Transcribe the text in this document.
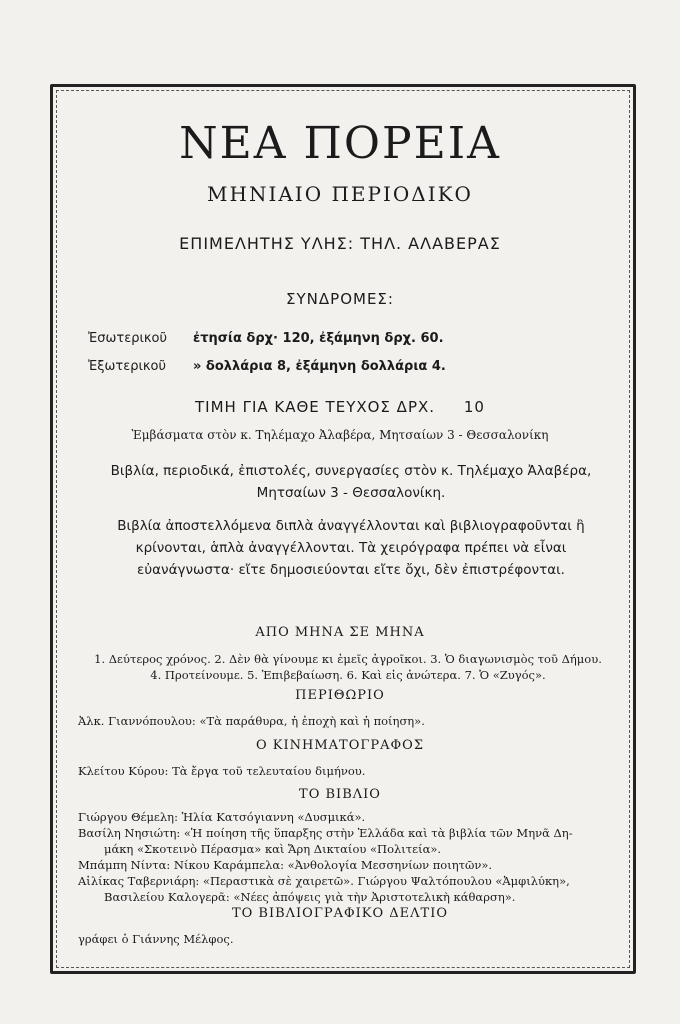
ΝΕΑ ΠΟΡΕΙΑ
ΜΗΝΙΑΙΟ ΠΕΡΙΟΔΙΚΟ
ΕΠΙΜΕΛΗΤΗΣ ΥΛΗΣ: ΤΗΛ. ΑΛΑΒΕΡΑΣ
ΣΥΝΔΡΟΜΕΣ:
Ἐσωτερικοῦ ἐτησία δρχ· 120, ἐξάμηνη δρχ. 60.
Ἐξωτερικοῦ » δολλάρια 8, ἐξάμηνη δολλάρια 4.
ΤΙΜΗ ΓΙΑ ΚΑΘΕ ΤΕΥΧΟΣ ΔΡΧ.     10
Ἐμβάσματα στὸν κ. Τηλέμαχο Ἀλαβέρα, Μητσαίων 3 - Θεσσαλονίκη
Βιβλία, περιοδικά, ἐπιστολές, συνεργασίες στὸν κ. Τηλέμαχο Ἀλαβέρα, Μητσαίων 3 - Θεσσαλονίκη.
Βιβλία ἀποστελλόμενα διπλὰ ἀναγγέλλονται καὶ βιβλιογραφοῦνται ἢ κρίνονται, ἁπλὰ ἀναγγέλλονται. Τὰ χειρόγραφα πρέπει νὰ εἶναι εὐανάγνωστα· εἴτε δημοσιεύονται εἴτε ὄχι, δὲν ἐπιστρέφονται.
ΑΠΟ ΜΗΝΑ ΣΕ ΜΗΝΑ
1. Δεύτερος χρόνος. 2. Δὲν θὰ γίνουμε κι ἐμεῖς ἀγροῖκοι. 3. Ὁ διαγωνισμὸς τοῦ Δήμου.
4. Προτείνουμε. 5. Ἐπιβεβαίωση. 6. Καὶ εἰς ἀνώτερα. 7. Ὁ «Ζυγός».
ΠΕΡΙΘΩΡΙΟ
Ἀλκ. Γιαννόπουλου: «Τὰ παράθυρα, ἡ ἐποχὴ καὶ ἡ ποίηση».
Ο ΚΙΝΗΜΑΤΟΓΡΑΦΟΣ
Κλείτου Κύρου: Τὰ ἔργα τοῦ τελευταίου διμήνου.
ΤΟ ΒΙΒΛΙΟ
Γιώργου Θέμελη: Ἡλία Κατσόγιαννη «Δυσμικά».
Βασίλη Νησιώτη: «Ἡ ποίηση τῆς ὕπαρξης στὴν Ἑλλάδα καὶ τὰ βιβλία τῶν Μηνᾶ Δη-
μάκη «Σκοτεινὸ Πέρασμα» καὶ Ἄρη Δικταίου «Πολιτεία».
Μπάμπη Νίντα: Νίκου Καράμπελα: «Ἀνθολογία Μεσσηνίων ποιητῶν».
Αἰλίκας Ταβερνιάρη: «Περαστικὰ σὲ χαιρετῶ». Γιώργου Ψαλτόπουλου «Ἀμφιλύκη»,
Βασιλείου Καλογερᾶ: «Νέες ἀπόψεις γιὰ τὴν Ἀριστοτελικὴ κάθαρση».
ΤΟ ΒΙΒΛΙΟΓΡΑΦΙΚΟ ΔΕΛΤΙΟ
γράφει ὁ Γιάννης Μέλφος.
